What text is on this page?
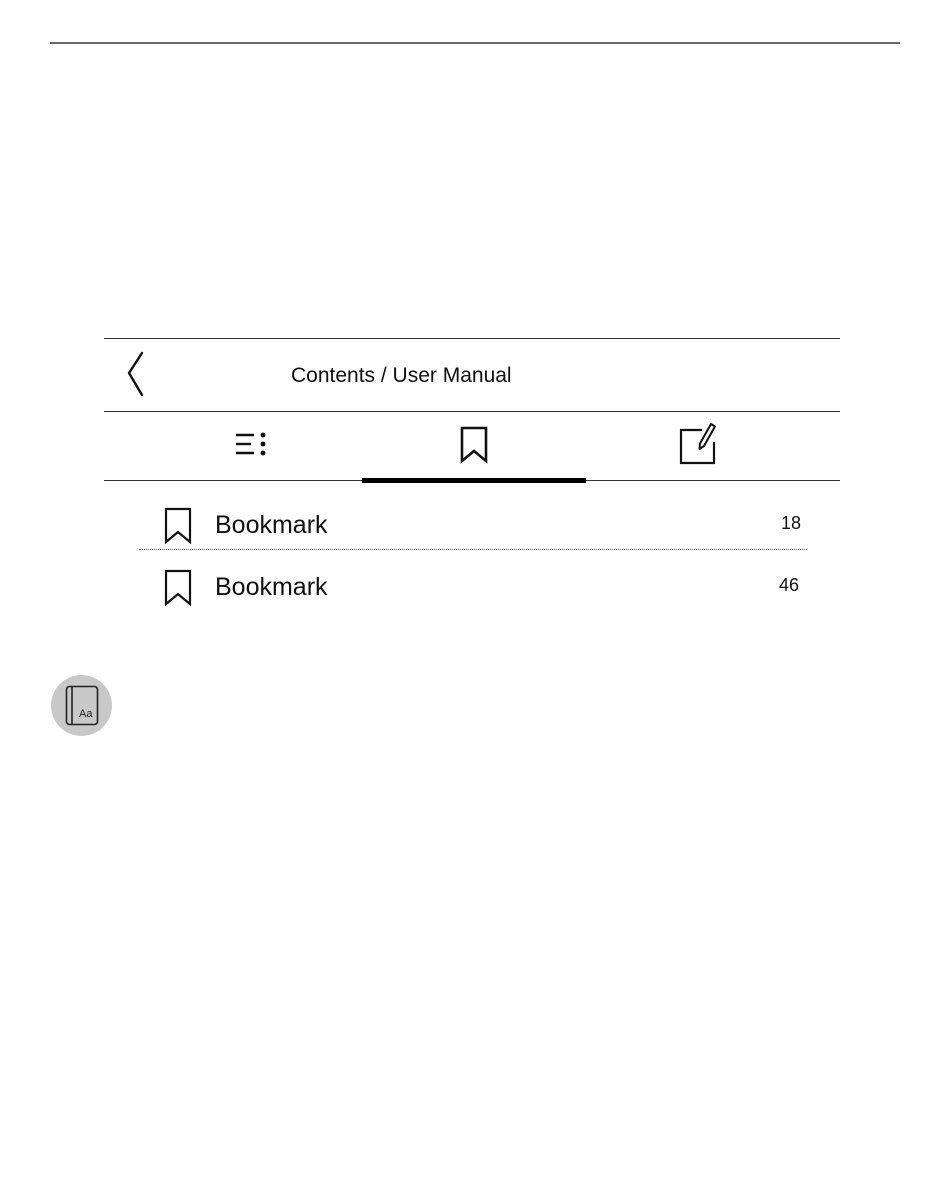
Contents / User Manual
Bookmark	18
Bookmark	46
Aa
